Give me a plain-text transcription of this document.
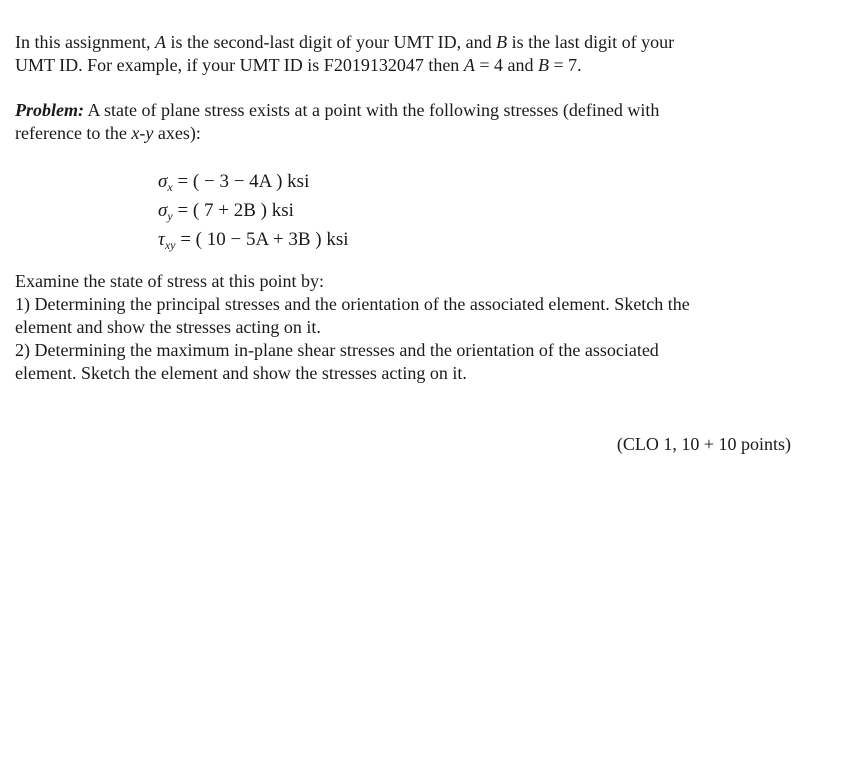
In this assignment, A is the second-last digit of your UMT ID, and B is the last digit of your
UMT ID. For example, if your UMT ID is F2019132047 then A = 4 and B = 7.
Problem: A state of plane stress exists at a point with the following stresses (defined with
reference to the x-y axes):
$\sigma_x$ = ( − 3 − 4A ) ksi
$\sigma_y$ = ( 7 + 2B ) ksi
$\tau_{xy}$ = ( 10 − 5A + 3B ) ksi
Examine the state of stress at this point by:
1) Determining the principal stresses and the orientation of the associated element. Sketch the
element and show the stresses acting on it.
2) Determining the maximum in-plane shear stresses and the orientation of the associated
element. Sketch the element and show the stresses acting on it.
(CLO 1, 10 + 10 points)
